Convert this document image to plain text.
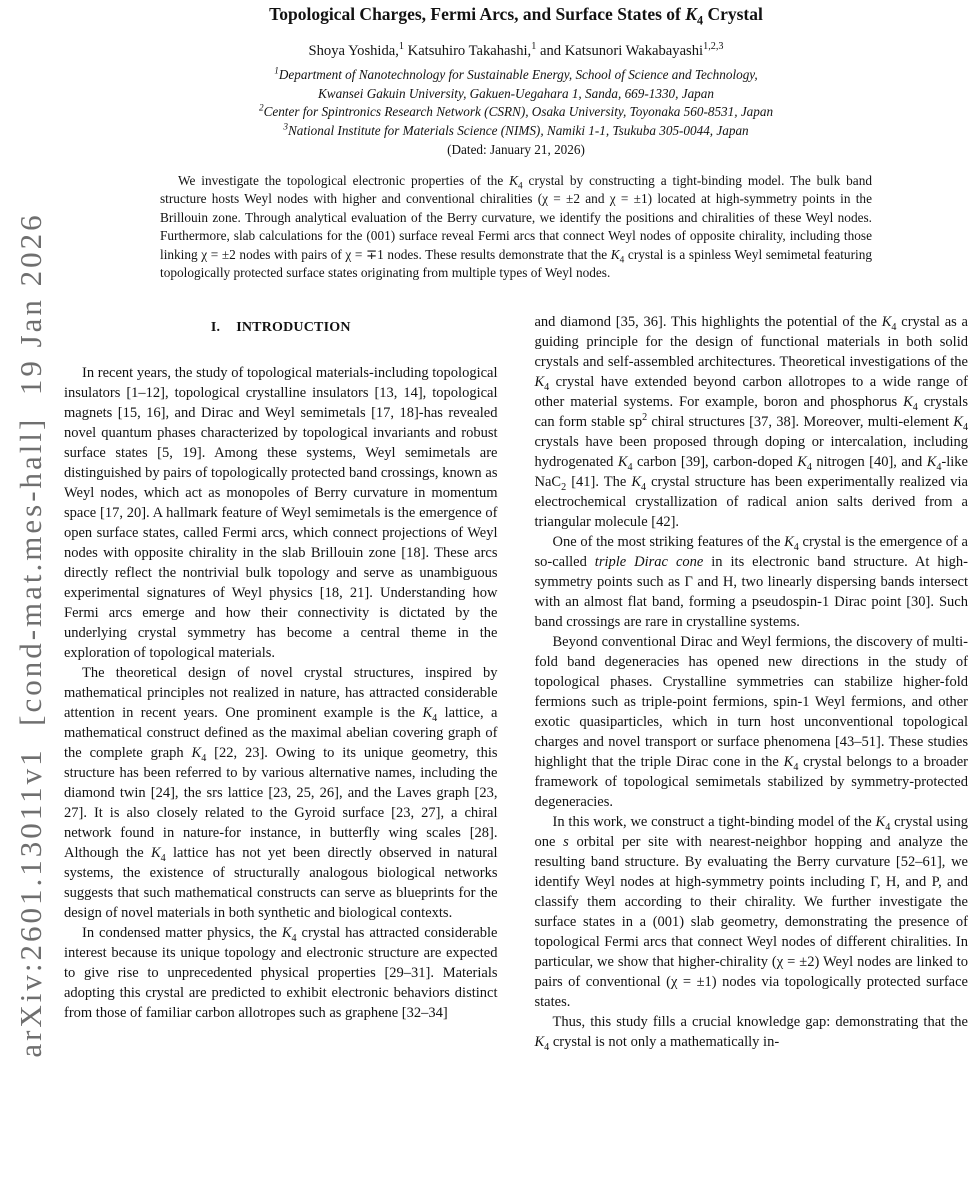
arXiv:2601.13011v1  [cond-mat.mes-hall]  19 Jan 2026
Topological Charges, Fermi Arcs, and Surface States of $K_4$ Crystal
Shoya Yoshida,$^1$ Katsuhiro Takahashi,$^1$ and Katsunori Wakabayashi$^{1,2,3}$
$^1$Department of Nanotechnology for Sustainable Energy, School of Science and Technology,
Kwansei Gakuin University, Gakuen-Uegahara 1, Sanda, 669-1330, Japan
$^2$Center for Spintronics Research Network (CSRN), Osaka University, Toyonaka 560-8531, Japan
$^3$National Institute for Materials Science (NIMS), Namiki 1-1, Tsukuba 305-0044, Japan
(Dated: January 21, 2026)
We investigate the topological electronic properties of the $K_4$ crystal by constructing a tight-binding model. The bulk band structure hosts Weyl nodes with higher and conventional chiralities (χ = ±2 and χ = ±1) located at high-symmetry points in the Brillouin zone. Through analytical evaluation of the Berry curvature, we identify the positions and chiralities of these Weyl nodes. Furthermore, slab calculations for the (001) surface reveal Fermi arcs that connect Weyl nodes of opposite chirality, including those linking χ = ±2 nodes with pairs of χ = ∓1 nodes. These results demonstrate that the $K_4$ crystal is a spinless Weyl semimetal featuring topologically protected surface states originating from multiple types of Weyl nodes.
I. INTRODUCTION
In recent years, the study of topological materials-including topological insulators [1–12], topological crystalline insulators [13, 14], topological magnets [15, 16], and Dirac and Weyl semimetals [17, 18]-has revealed novel quantum phases characterized by topological invariants and robust surface states [5, 19]. Among these systems, Weyl semimetals are distinguished by pairs of topologically protected band crossings, known as Weyl nodes, which act as monopoles of Berry curvature in momentum space [17, 20]. A hallmark feature of Weyl semimetals is the emergence of open surface states, called Fermi arcs, which connect projections of Weyl nodes with opposite chirality in the slab Brillouin zone [18]. These arcs directly reflect the nontrivial bulk topology and serve as unambiguous experimental signatures of Weyl physics [18, 21]. Understanding how Fermi arcs emerge and how their connectivity is dictated by the underlying crystal symmetry has become a central theme in the exploration of topological materials.
The theoretical design of novel crystal structures, inspired by mathematical principles not realized in nature, has attracted considerable attention in recent years. One prominent example is the $K_4$ lattice, a mathematical construct defined as the maximal abelian covering graph of the complete graph $K_4$ [22, 23]. Owing to its unique geometry, this structure has been referred to by various alternative names, including the diamond twin [24], the srs lattice [23, 25, 26], and the Laves graph [23, 27]. It is also closely related to the Gyroid surface [23, 27], a chiral network found in nature-for instance, in butterfly wing scales [28]. Although the $K_4$ lattice has not yet been directly observed in natural systems, the existence of structurally analogous biological networks suggests that such mathematical constructs can serve as blueprints for the design of novel materials in both synthetic and biological contexts.
In condensed matter physics, the $K_4$ crystal has attracted considerable interest because its unique topology and electronic structure are expected to give rise to unprecedented physical properties [29–31]. Materials adopting this crystal are predicted to exhibit electronic behaviors distinct from those of familiar carbon allotropes such as graphene [32–34]
and diamond [35, 36]. This highlights the potential of the $K_4$ crystal as a guiding principle for the design of functional materials in both solid crystals and self-assembled architectures. Theoretical investigations of the $K_4$ crystal have extended beyond carbon allotropes to a wide range of other material systems. For example, boron and phosphorus $K_4$ crystals can form stable $sp^2$ chiral structures [37, 38]. Moreover, multi-element $K_4$ crystals have been proposed through doping or intercalation, including hydrogenated $K_4$ carbon [39], carbon-doped $K_4$ nitrogen [40], and $K_4$-like NaC$_2$ [41]. The $K_4$ crystal structure has been experimentally realized via electrochemical crystallization of radical anion salts derived from a triangular molecule [42].
One of the most striking features of the $K_4$ crystal is the emergence of a so-called triple Dirac cone in its electronic band structure. At high-symmetry points such as Γ and H, two linearly dispersing bands intersect with an almost flat band, forming a pseudospin-1 Dirac point [30]. Such band crossings are rare in crystalline systems.
Beyond conventional Dirac and Weyl fermions, the discovery of multi-fold band degeneracies has opened new directions in the study of topological phases. Crystalline symmetries can stabilize higher-fold fermions such as triple-point fermions, spin-1 Weyl fermions, and other exotic quasiparticles, which in turn host unconventional topological charges and novel transport or surface phenomena [43–51]. These studies highlight that the triple Dirac cone in the $K_4$ crystal belongs to a broader framework of topological semimetals stabilized by symmetry-protected degeneracies.
In this work, we construct a tight-binding model of the $K_4$ crystal using one s orbital per site with nearest-neighbor hopping and analyze the resulting band structure. By evaluating the Berry curvature [52–61], we identify Weyl nodes at high-symmetry points including Γ, H, and P, and classify them according to their chirality. We further investigate the surface states in a (001) slab geometry, demonstrating the presence of topological Fermi arcs that connect Weyl nodes of different chiralities. In particular, we show that higher-chirality (χ = ±2) Weyl nodes are linked to pairs of conventional (χ = ±1) nodes via topologically protected surface states.
Thus, this study fills a crucial knowledge gap: demonstrating that the $K_4$ crystal is not only a mathematically in-
